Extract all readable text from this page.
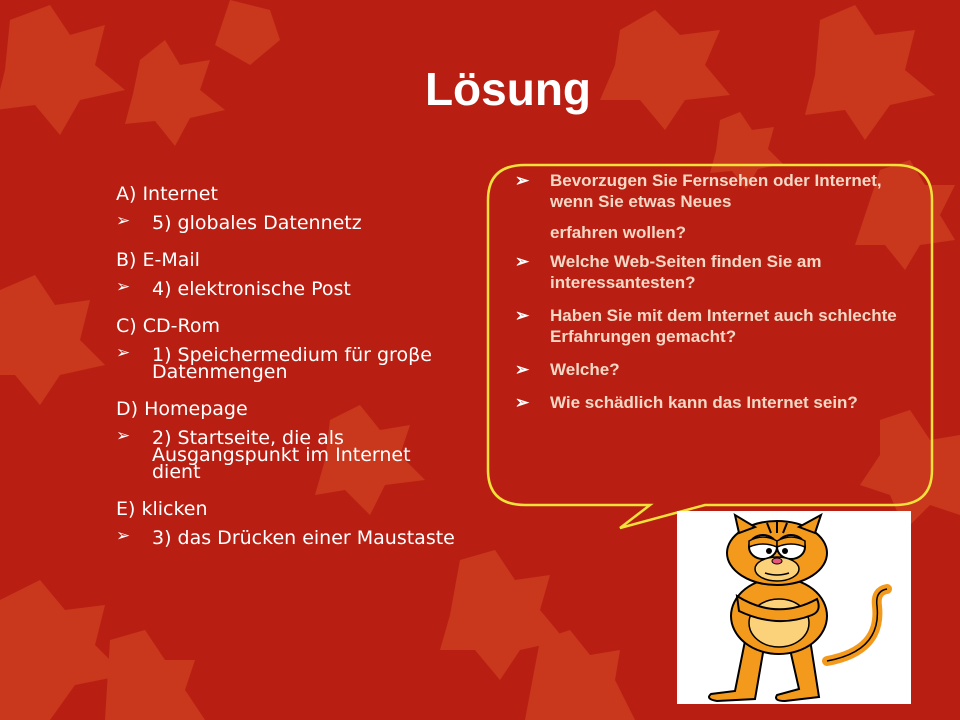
Lösung
A) Internet
➢ 5) globales Datennetz
B) E-Mail
➢ 4) elektronische Post
C) CD-Rom
➢ 1) Speichermedium für groβe Datenmengen
D) Homepage
➢ 2) Startseite, die als Ausgangspunkt im Internet dient
E) klicken
➢ 3) das Drücken einer Maustaste
➢ Bevorzugen Sie Fernsehen oder Internet, wenn Sie etwas Neues
erfahren wollen?
➢ Welche Web-Seiten finden Sie am interessantesten?
➢ Haben Sie mit dem Internet auch schlechte Erfahrungen gemacht?
➢ Welche?
➢ Wie schädlich kann das Internet sein?
